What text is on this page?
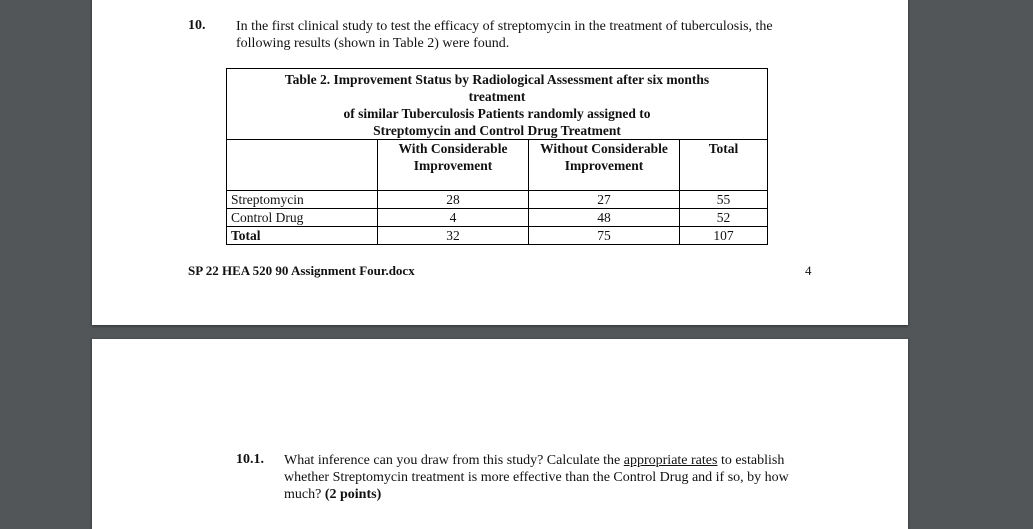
10. In the first clinical study to test the efficacy of streptomycin in the treatment of tuberculosis, the following results (shown in Table 2) were found.
Table 2. Improvement Status by Radiological Assessment after six months
treatment
of similar Tuberculosis Patients randomly assigned to
Streptomycin and Control Drug Treatment			

	With Considerable Improvement	Without Considerable Improvement	Total
Streptomycin	28	27	55
Control Drug	4	48	52
Total	32	75	107
SP 22 HEA 520 90 Assignment Four.docx	4
10.1. What inference can you draw from this study? Calculate the appropriate rates to establish whether Streptomycin treatment is more effective than the Control Drug and if so, by how much? (2 points)
